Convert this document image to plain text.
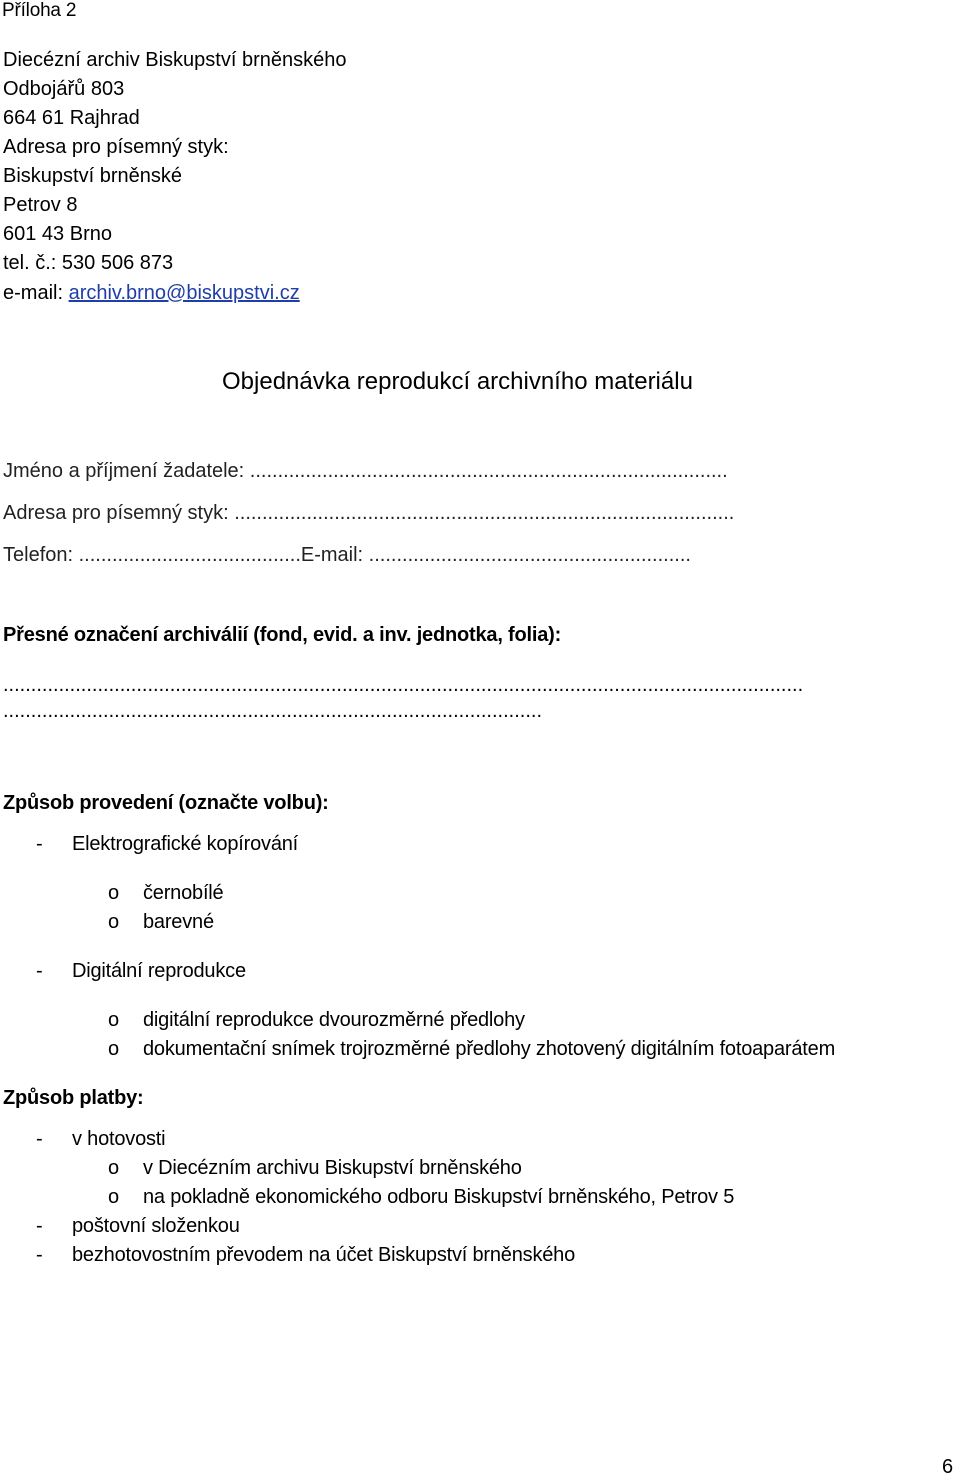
Příloha 2

Diecézní archiv Biskupství brněnského

Odbojářů 803

664 61 Rajhrad

Adresa pro písemný styk:

Biskupství brněnské

Petrov 8

601 43 Brno

tel. č.: 530 506 873

e-mail: archiv.brno@biskupstvi.cz

Objednávka reprodukcí archivního materiálu

Jméno a příjmení žadatele: ......................................................................................

Adresa pro písemný styk: ..........................................................................................

Telefon: ........................................E-mail: ..........................................................

Přesné označení archiválií (fond, evid. a inv. jednotka, folia):

................................................................................................................................................

.................................................................................................

Způsob provedení (označte volbu):

- Elektrografické kopírování

o černobílé

o barevné

- Digitální reprodukce

o digitální reprodukce dvourozměrné předlohy

o dokumentační snímek trojrozměrné předlohy zhotovený digitálním fotoaparátem

Způsob platby:

- v hotovosti

o v Diecézním archivu Biskupství brněnského

o na pokladně ekonomického odboru Biskupství brněnského, Petrov 5

- poštovní složenkou

- bezhotovostním převodem na účet Biskupství brněnského

6
